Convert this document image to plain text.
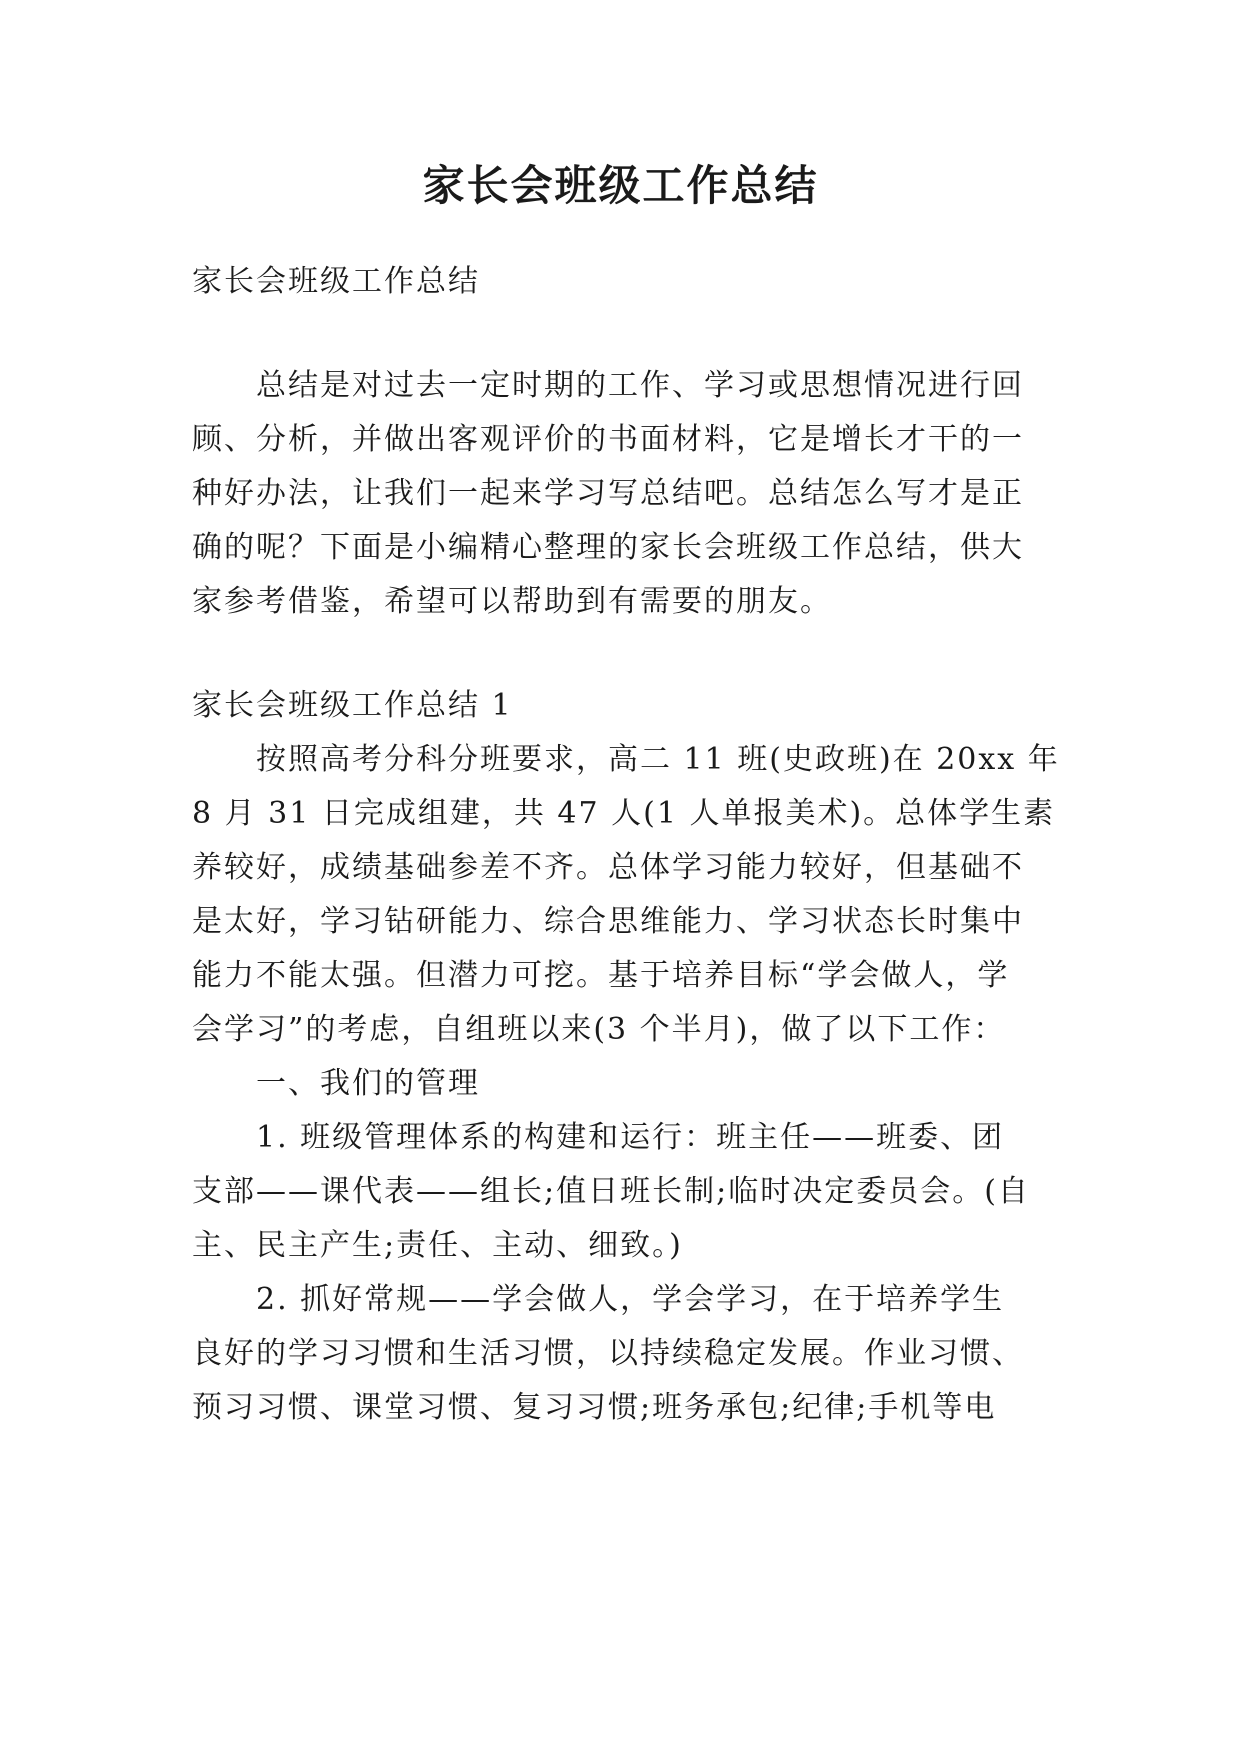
家长会班级工作总结
家长会班级工作总结
总结是对过去一定时期的工作、学习或思想情况进行回
顾、分析，并做出客观评价的书面材料，它是增长才干的一
种好办法，让我们一起来学习写总结吧。总结怎么写才是正
确的呢？下面是小编精心整理的家长会班级工作总结，供大
家参考借鉴，希望可以帮助到有需要的朋友。
家长会班级工作总结 1
按照高考分科分班要求，高二 11 班(史政班)在 20xx 年
8 月 31 日完成组建，共 47 人(1 人单报美术)。总体学生素
养较好，成绩基础参差不齐。总体学习能力较好，但基础不
是太好，学习钻研能力、综合思维能力、学习状态长时集中
能力不能太强。但潜力可挖。基于培养目标“学会做人，学
会学习”的考虑，自组班以来(3 个半月)，做了以下工作：
一、我们的管理
1. 班级管理体系的构建和运行：班主任——班委、团
支部——课代表——组长;值日班长制;临时决定委员会。(自
主、民主产生;责任、主动、细致。)
2. 抓好常规——学会做人，学会学习，在于培养学生
良好的学习习惯和生活习惯，以持续稳定发展。作业习惯、
预习习惯、课堂习惯、复习习惯;班务承包;纪律;手机等电
